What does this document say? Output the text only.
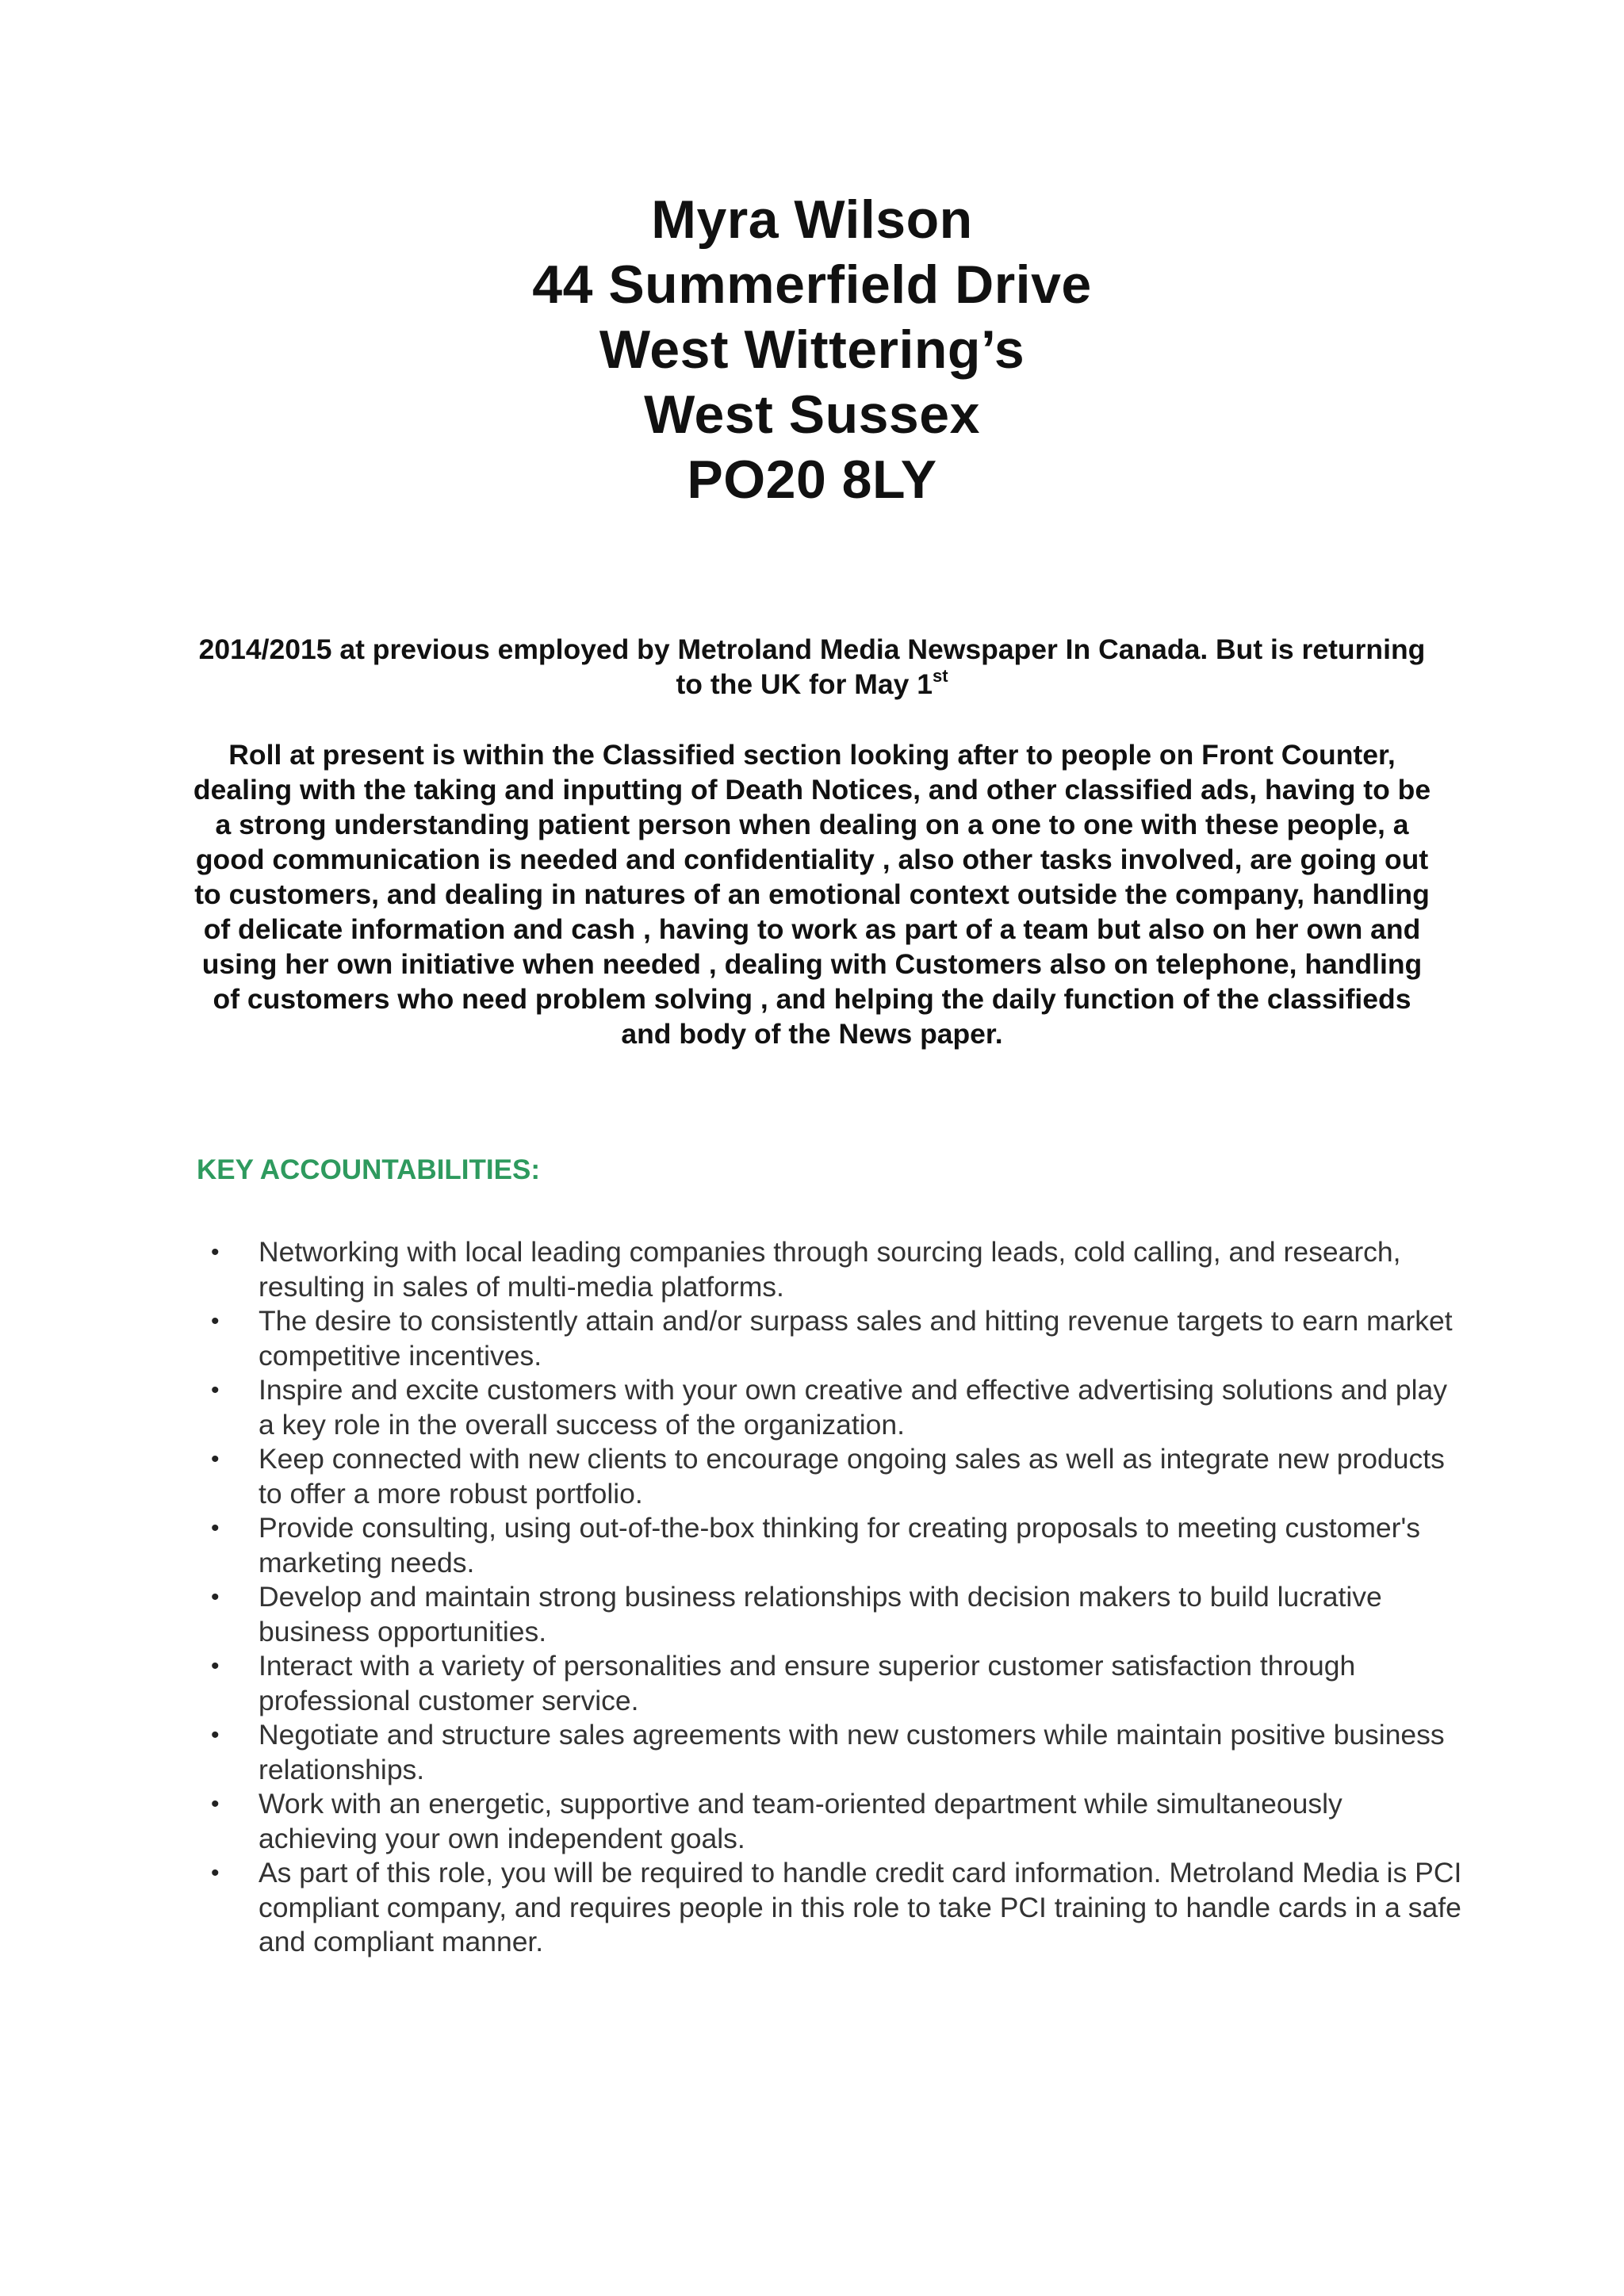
Myra Wilson
44 Summerfield Drive
West Wittering’s
West Sussex
PO20 8LY

2014/2015 at previous employed by Metroland Media Newspaper In Canada. But is returning to the UK for May 1st

Roll at present is within the Classified section looking after to people on Front Counter, dealing with the taking and inputting of Death Notices, and other classified ads, having to be a strong understanding patient person when dealing on a one to one with these people, a good communication is needed and confidentiality , also other tasks involved, are going out to customers, and dealing in natures of an emotional context outside the company, handling of delicate information and cash , having to work as part of a team but also on her own and using her own initiative when needed , dealing with Customers also on telephone, handling of customers who need problem solving , and helping the daily function of the classifieds and body of the News paper.

KEY ACCOUNTABILITIES:
• Networking with local leading companies through sourcing leads, cold calling, and research, resulting in sales of multi-media platforms.
• The desire to consistently attain and/or surpass sales and hitting revenue targets to earn market competitive incentives.
• Inspire and excite customers with your own creative and effective advertising solutions and play a key role in the overall success of the organization.
• Keep connected with new clients to encourage ongoing sales as well as integrate new products to offer a more robust portfolio.
• Provide consulting, using out-of-the-box thinking for creating proposals to meeting customer's marketing needs.
• Develop and maintain strong business relationships with decision makers to build lucrative business opportunities.
• Interact with a variety of personalities and ensure superior customer satisfaction through professional customer service.
• Negotiate and structure sales agreements with new customers while maintain positive business relationships.
• Work with an energetic, supportive and team-oriented department while simultaneously achieving your own independent goals.
• As part of this role, you will be required to handle credit card information. Metroland Media is PCI compliant company, and requires people in this role to take PCI training to handle cards in a safe and compliant manner.
